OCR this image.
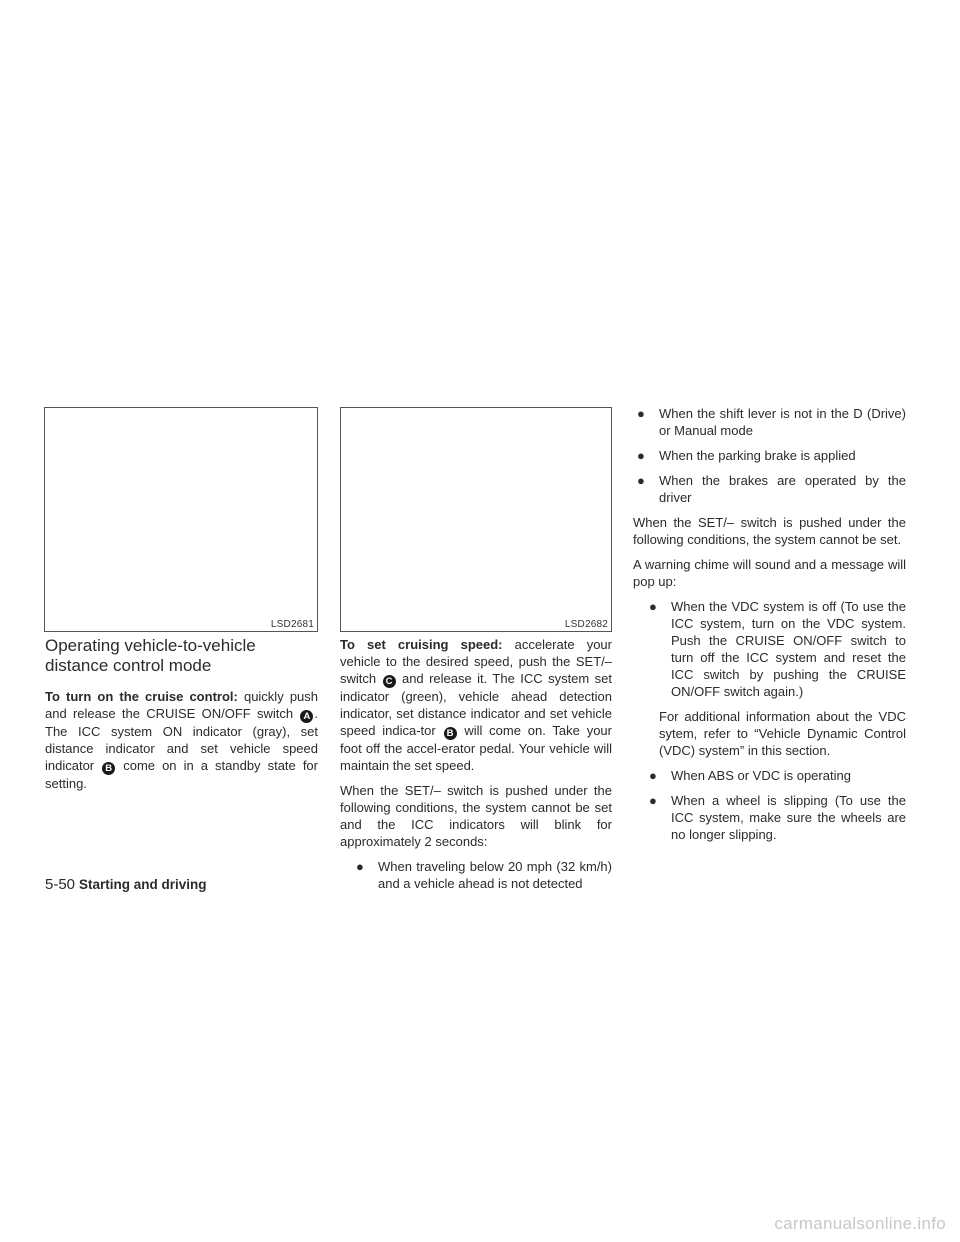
LSD2681	LSD2682
Operating vehicle-to-vehicle distance control mode

To turn on the cruise control: quickly push and release the CRUISE ON/OFF switch A . The ICC system ON indicator (gray), set distance indicator and set vehicle speed indicator B come on in a standby state for setting.

To set cruising speed: accelerate your vehicle to the desired speed, push the SET/– switch C and release it. The ICC system set indicator (green), vehicle ahead detection indicator, set distance indicator and set vehicle speed indica-tor B will come on. Take your foot off the accel-erator pedal. Your vehicle will maintain the set speed.

When the SET/– switch is pushed under the following conditions, the system cannot be set and the ICC indicators will blink for approximately 2 seconds:

● When traveling below 20 mph (32 km/h) and a vehicle ahead is not detected
● When the shift lever is not in the D (Drive) or Manual mode
● When the parking brake is applied
● When the brakes are operated by the driver

When the SET/– switch is pushed under the following conditions, the system cannot be set.

A warning chime will sound and a message will pop up:

● When the VDC system is off (To use the ICC system, turn on the VDC system. Push the CRUISE ON/OFF switch to turn off the ICC system and reset the ICC switch by pushing the CRUISE ON/OFF switch again.)

For additional information about the VDC sytem, refer to “Vehicle Dynamic Control (VDC) system” in this section.

● When ABS or VDC is operating
● When a wheel is slipping (To use the ICC system, make sure the wheels are no longer slipping.
5-50 Starting and driving
carmanualsonline.info
